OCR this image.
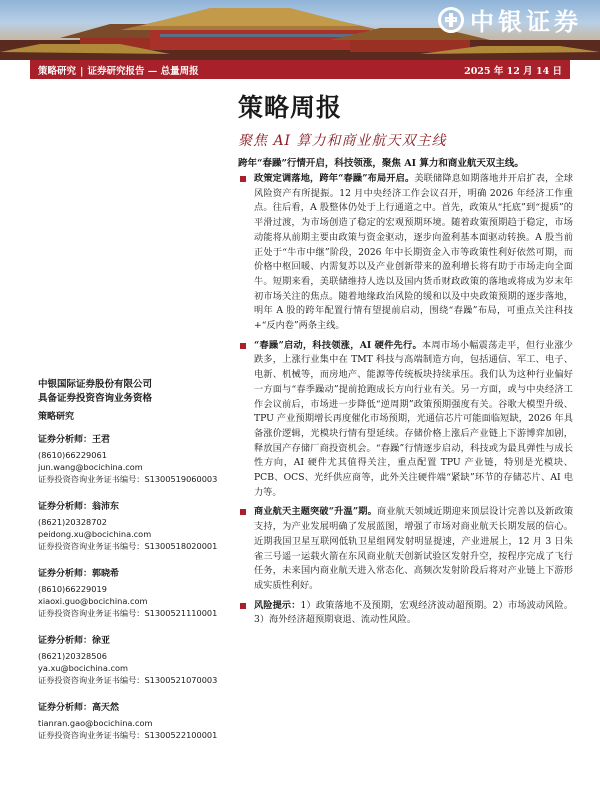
中银证券
策略研究 | 证券研究报告 — 总量周报	2025 年 12 月 14 日
策略周报
聚焦 AI 算力和商业航天双主线
跨年“春躁”行情开启，科技领涨，聚焦 AI 算力和商业航天双主线。
政策定调落地，跨年“春躁”布局开启。美联储降息如期落地并开启扩表，全球风险资产有所提振。12 月中央经济工作会议召开，明确 2026 年经济工作重点。往后看，A 股整体仍处于上行通道之中。首先，政策从“托底”到“提质”的平滑过渡，为市场创造了稳定的宏观预期环境。随着政策预期趋于稳定，市场动能将从前期主要由政策与资金驱动，逐步向盈利基本面驱动转换。A 股当前正处于“牛市中继”阶段，2026 年中长期资金入市等政策性利好依然可期，而价格中枢回暖、内需复苏以及产业创新带来的盈利增长将有助于市场走向全面牛。短期来看，美联储维持人选以及国内货币财政政策的落地或将成为岁末年初市场关注的焦点。随着地缘政治风险的缓和以及中央政策预期的逐步落地，明年 A 股的跨年配置行情有望提前启动，围绕“春躁”布局，可重点关注科技+“反内卷”两条主线。
“春躁”启动，科技领涨，AI 硬件先行。本周市场小幅震荡走平，但行业涨少跌多，上涨行业集中在 TMT 科技与高端制造方向，包括通信、军工、电子、电新、机械等，而房地产、能源等传统板块持续承压。我们认为这种行业偏好一方面与“春季躁动”提前抢跑成长方向行业有关。另一方面，或与中央经济工作会议前后，市场进一步降低“逆周期”政策预期强度有关。谷歌大模型升级、TPU 产业预期增长再度催化市场预期，光通信芯片可能面临短缺，2026 年具备涨价逻辑，光模块行情有望延续。存储价格上涨后产业链上下游博弈加剧，释放国产存储厂商投资机会。“春躁”行情逐步启动，科技或为最具弹性与成长性方向，AI 硬件尤其值得关注，重点配置 TPU 产业链，特别是光模块、PCB、OCS、光纤供应商等，此外关注硬件端“紧缺”环节的存储芯片、AI 电力等。
商业航天主题突破“升温”期。商业航天领域近期迎来顶层设计完善以及新政策支持，为产业发展明确了发展蓝图，增强了市场对商业航天长期发展的信心。近期我国卫星互联网低轨卫星组网发射明显提速，产业进展上，12 月 3 日朱雀三号遥一运载火箭在东风商业航天创新试验区发射升空，按程序完成了飞行任务，未来国内商业航天进入常态化、高频次发射阶段后将对产业链上下游形成实质性利好。
风险提示：1）政策落地不及预期，宏观经济波动超预期。2）市场波动风险。3）海外经济超预期衰退、流动性风险。
中银国际证券股份有限公司
具备证券投资咨询业务资格
策略研究
证券分析师：王君
(8610)66229061
jun.wang@bocichina.com
证券投资咨询业务证书编号：S1300519060003
证券分析师：翁沛东
(8621)20328702
peidong.xu@bocichina.com
证券投资咨询业务证书编号：S1300518020001
证券分析师：郭晓希
(8610)66229019
xiaoxi.guo@bocichina.com
证券投资咨询业务证书编号：S1300521110001
证券分析师：徐亚
(8621)20328506
ya.xu@bocichina.com
证券投资咨询业务证书编号：S1300521070003
证券分析师：高天然
tianran.gao@bocichina.com
证券投资咨询业务证书编号：S1300522100001
